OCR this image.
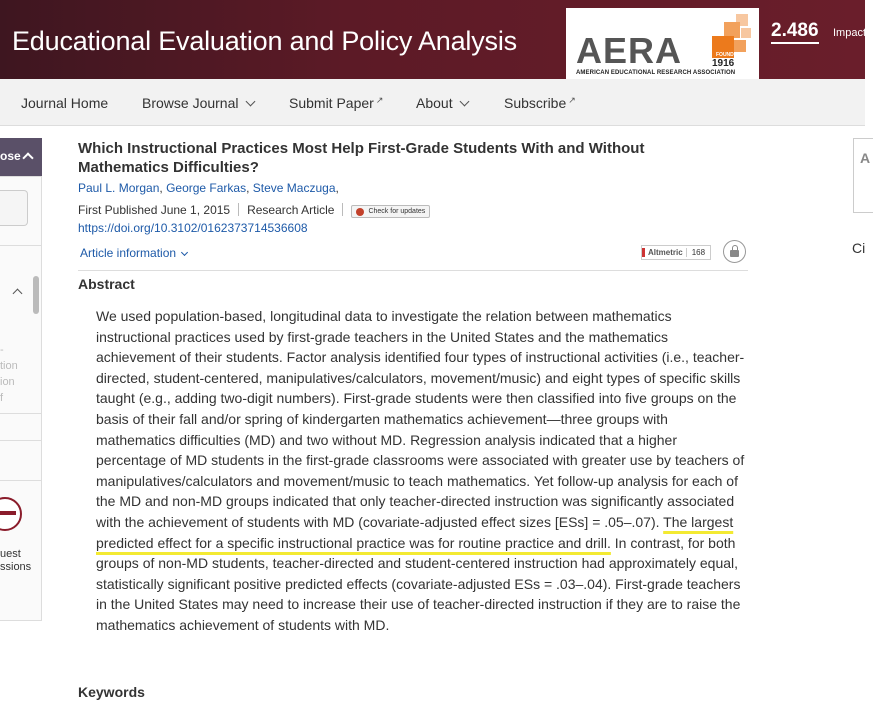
Educational Evaluation and Policy Analysis AERA	FOUNDED
1916
AMERICAN EDUCATIONAL RESEARCH ASSOCIATION
2.486 Impact
Journal Home Browse Journal	Submit Paper ↗ About	Subscribe ↗
ose
-
tion
ion
f
uest
ssions
A
Ci
Which Instructional Practices Most Help First-Grade Students With and Without Mathematics Difficulties?
Paul L. Morgan, George Farkas, Steve Maczuga,
First Published June 1, 2015 Research Article	Check for updates
https://doi.org/10.3102/0162373714536608
Article information	Altmetric	168
Abstract
We used population-based, longitudinal data to investigate the relation between mathematics instructional practices used by first-grade teachers in the United States and the mathematics achievement of their students. Factor analysis identified four types of instructional activities (i.e., teacher-directed, student-centered, manipulatives/calculators, movement/music) and eight types of specific skills taught (e.g., adding two-digit numbers). First-grade students were then classified into five groups on the basis of their fall and/or spring of kindergarten mathematics achievement—three groups with mathematics difficulties (MD) and two without MD. Regression analysis indicated that a higher percentage of MD students in the first-grade classrooms were associated with greater use by teachers of manipulatives/calculators and movement/music to teach mathematics. Yet follow-up analysis for each of the MD and non-MD groups indicated that only teacher-directed instruction was significantly associated with the achievement of students with MD (covariate-adjusted effect sizes [ESs] = .05–.07). The largest predicted effect for a specific instructional practice was for routine practice and drill. In contrast, for both groups of non-MD students, teacher-directed and student-centered instruction had approximately equal, statistically significant positive predicted effects (covariate-adjusted ESs = .03–.04). First-grade teachers in the United States may need to increase their use of teacher-directed instruction if they are to raise the mathematics achievement of students with MD.
Keywords
